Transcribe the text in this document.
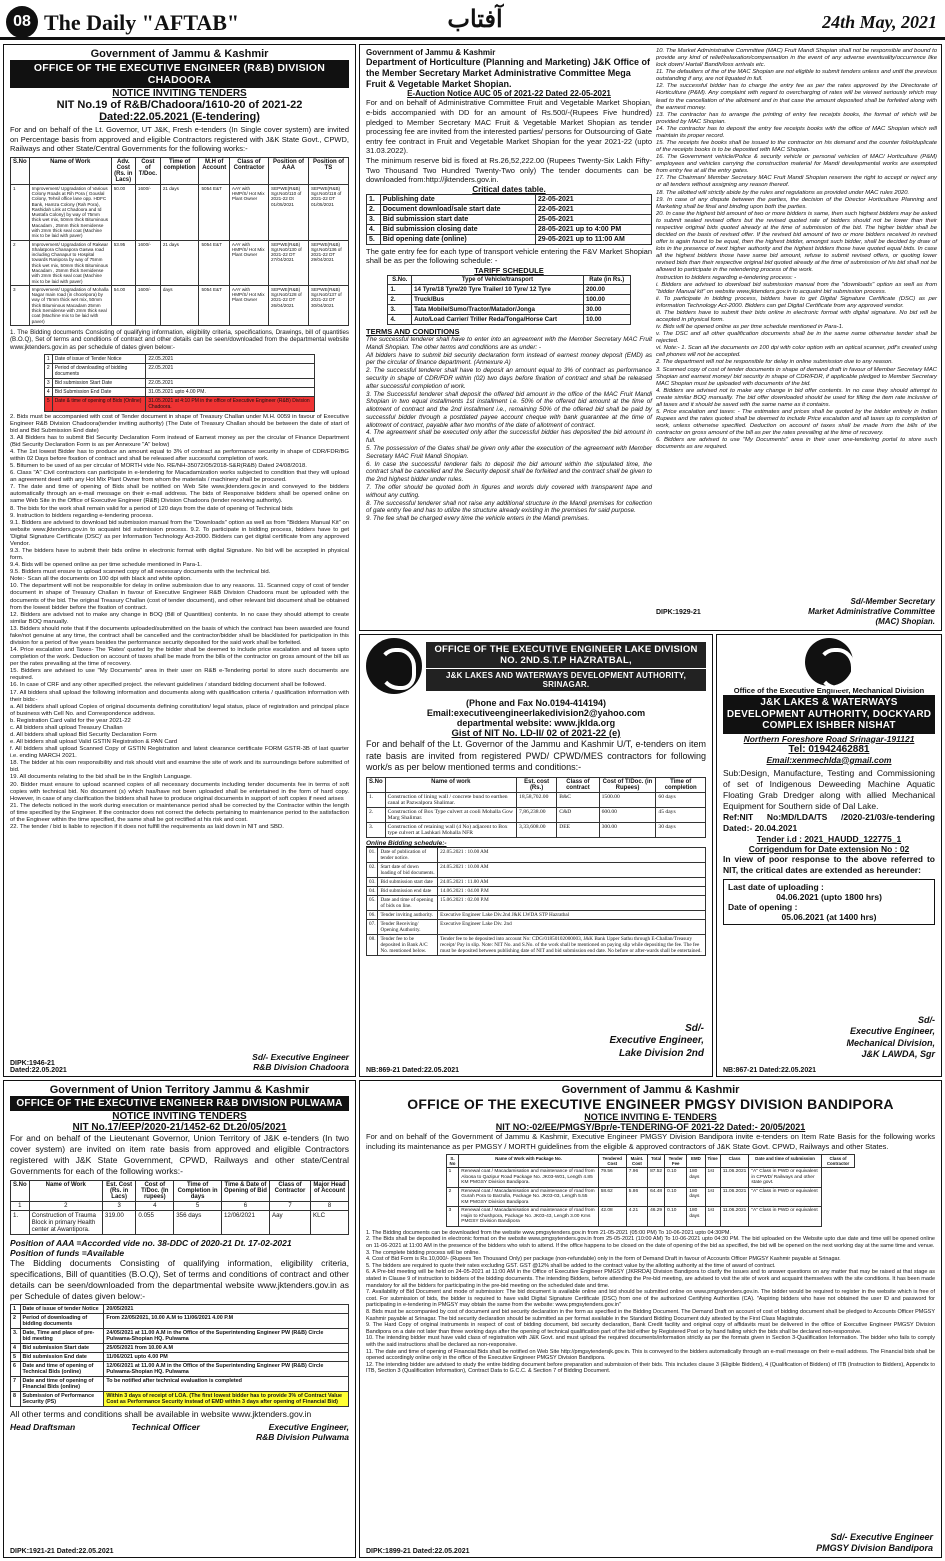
08 The Daily "AFTAB"	آفتاب	24th May, 2021
Government of Jammu & Kashmir
OFFICE OF THE EXECUTIVE ENGINEER (R&B) DIVISION CHADOORA
NOTICE INVITING TENDERS
NIT No.19 of R&B/Chadoora/1610-20 of 2021-22
Dated:22.05.2021 (E-tendering)

For and on behalf of the Lt. Governor, UT J&K, Fresh e-tenders (In Single cover system) are invited on Percentage basis from approved and eligible Contractors registered with J&K State Govt., CPWD, Railways and other State/Central Governments for the following works:-

S.No	Name of Work	Adv. Cost (Rs. in Lacs)	Cost of T/Doc.	Time of completion	M.H of Account	Class of Contractor	Position of AAA	Position of TS
1	Improvement/ Upgradation of Various Colony Roads at Rih Pora ( Gouslal Colony, Tehsil office lane opp. HDFC Bank, Hamza Colony (Rah Pora), Rashidah Link at Chadoora and Id Mustafa Colony) by way of 75mm thick wet mix, 50mm thick Bituminous Macadam , 25mm thick Semidense with 2mm thick seal coat (Machine mix to be laid with paver)	50.00	1600/-	21 days	5054 E&T	AAY with HMP/S/ Hot Mix Plant Owner	SEPWE(R&B) Sgr.No0/110 of 2021-22 Dt 01/05/2021	SEPWE(R&B) Sgr.No0/118 of 2021-22 DT 01/05/2021
2	Improvement/ Upgradation of Rakwar Shalatpora Chanapora Gaswa road including Chanapur to Hospital towards Ranipora by way of 75mm thick wet mix, 50mm thick Bituminous Macadam , 25mm thick Semidense with 2mm thick seal coat (Machine mix to be laid with paver)	53.95	1600/-	21 days	5054 E&T	AAY with HMP/S/ Hot Mix Plant Owner	SEPWE(R&B) Sgr.No0/130 of 2021-22 DT 27/04/2021	SEPWE(R&B) Sgr.No0/136 of 2021-22 DT 29/04/2021
3	Improvement/ Upgradation of Mohalla Nagar main road (in chooripora) by way of 75mm thick wet mix, 50mm thick Bituminous Macadam 25mm thick Semidense with 2mm thick seal coat (Machine mix to be laid with paver)	54.00	1600/-	days	5054 E&T	AAY with HMP/S/ Hot Mix Plant Owner	SEPWE(R&B) Sgr.No0/128 of 2021-22 DT 26/04/2021	SEPWE(R&B) Sgr.No0/137 of 2021-22 DT 30/04/2021

1. The Bidding documents Consisting of qualifying information, eligibility criteria, specifications, Drawings, bill of quantities (B.O.Q), Set of terms and conditions of contract and other details can be seen/downloaded from the departmental website www.jktenders.gov.in as per schedule of dates given below:-

1	Date of issue of Tender Notice	22.05.2021
2	Period of downloading of bidding documents	22.05.2021
3	Bid submission Start Date	22.05.2021
4	Bid Submission End Date	31.05.2021 upto 4.00 PM.
5	Date & time of opening of Bids (Online)	31.05.2021 at 4:10 PM in the office of Executive Engineer (R&B) Division Chadoora.

2. Bids must be accompanied with cost of Tender document in shape of Treasury Challan under M.H. 0059 in favour of Executive Engineer R&B Division Chadoora(tender inviting authority) (The Date of Treasury Challan should be between the date of start of bid and Bid Submission End date)

3. All Bidders has to submit Bid Security Declaration Form instead of Earnest money as per the circular of Finance Department (Bid Security Declaration Form is as per Annexure "A" below)

4. The 1st lowest Bidder has to produce an amount equal to 3% of contract as performance security in shape of CDR/FDR/BG within 02 Days before fixation of contract and shall be released after successful completion of work.

5. Bitumen to be used of as per circular of MORTH vide No. RE/NH-35072/05/2018-S&R(R&B) Dated 24/08/2018.

6. Class "A" Civil contractors can participate in e-tendering for Macadamization works subjected to condition that they will upload an agreement deed with any Hot Mix Plant Owner from whom the materials / machinery shall be procured.

7. The date and time of opening of Bids shall be notified on Web Site www.jktenders.gov.in and conveyed to the bidders automatically through an e-mail message on their e-mail address. The bids of Responsive bidders shall be opened online on same Web Site in the Office of Executive Engineer (R&B) Division Chadoora (tender receiving authority).

8. The bids for the work shall remain valid for a period of 120 days from the date of opening of Technical bids

9. Instruction to bidders regarding e-tendering process.

9.1. Bidders are advised to download bid submission manual from the "Downloads" option as well as from "Bidders Manual Kit" on website www.jktenders.gov.in to acquaint bid submission process. 9.2. To participate in bidding process, bidders have to get 'Digital Signature Certificate (DSC)' as per Information Technology Act-2000. Bidders can get digital certificate from any approved Vendor.

9.3. The bidders have to submit their bids online in electronic format with digital Signature. No bid will be accepted in physical form.

9.4. Bids will be opened online as per time schedule mentioned in Para-1.

9.5. Bidders must ensure to upload scanned copy of all necessary documents with the technical bid.

Note:- Scan all the documents on 100 dpi with black and white option.

10. The department will not be responsible for delay in online submission due to any reasons. 11. Scanned copy of cost of tender document in shape of Treasury Challan in favour of Executive Engineer R&B Division Chadoora must be uploaded with the documents of the bid. The original Treasury Challan (cost of tender document), and other relevant bid document shall be obtained from the lowest bidder before the fixation of contract.

12. Bidders are advised not to make any change in BOQ (Bill of Quantities) contents. In no case they should attempt to create similar BOQ manually.

13. Bidders should note that if the documents uploaded/submitted on the basis of which the contract has been awarded are found fake/not genuine at any time, the contract shall be cancelled and the contractor/bidder shall be blacklisted for participation in this division for a period of five years besides the performance security deposited for the said work shall be forfeited.

14. Price escalation and Taxes- The 'Rates' quoted by the bidder shall be deemed to include price escalation and all taxes upto completion of the work. Deduction on account of taxes shall be made from the bills of the contractor on gross amount of the bill as per the rates prevailing at the time of recovery.

15. Bidders are advised to use "My Documents" area in their user on R&B e-Tendering portal to store such documents are required.

16. In case of CRF and any other specified project. the relevant guidelines / standard bidding document shall be followed.

17. All bidders shall upload the following information and documents along with qualification criteria / qualification information with their bids:-

a. All bidders shall upload Copies of original documents defining constitution/ legal status, place of registration and principal place of business with Cell No. and Correspondence address.

b. Registration Card valid for the year 2021-22

c. All bidders shall upload Treasury Challan

d. All bidders shall upload Bid Security Declaration Form

e. All bidders shall upload Valid GSTIN Registration & PAN Card

f. All bidders shall upload Scanned Copy of GSTIN Registration and latest clearance certificate FORM GSTR-3B of last quarter i.e. ending MARCH 2021.

18. The bidder at his own responsibility and risk should visit and examine the site of work and its surroundings before submitted of bid.

19. All documents relating to the bid shall be in the English Language.

20. Bidder must ensure to upload scanned copies of all necessary documents including tender documents fee in terms of soft copies with technical bid. No document (s) which has/have not been uploaded shall be entertained in the form of hard copy. However, in case of any clarification the bidders shall have to produce original documents in support of soft copies if need arises

21. The defects noticed in the work during execution or maintenance period shall be corrected by the Contractor within the length of time specified by the Engineer. If the contractor does not correct the defects pertaining to maintenance period to the satisfaction of the Engineer within the time specified, the same shall be got rectified at his risk and cost.

22. The tender / bid is liable to rejection if it does not fulfill the requirements as laid down in NIT and SBD.

Sd/- Executive Engineer
R&B Division Chadoora
DIPK:1946-21
Dated:22.05.2021
Government of Jammu & Kashmir
Department of Horticulture (Planning and Marketing) J&K Office of the Member Secretary Market Administrative Committee Mega Fruit & Vegetable Market Shopian.
E-Auction Notice AUC 05 of 2021-22 Dated 22-05-2021

For and on behalf of Administrative Committee Fruit and Vegetable Market Shopian, e-bids accompanied with DD for an amount of Rs.500/-(Rupees Five hundred) pledged to Member Secretary MAC Fruit & Vegetable Market Shopian as tender processing fee are invited from the interested parties/ persons for Outsourcing of Gate entry fee contract in Fruit and Vegetable Market Shopian for the year 2021-22 (upto 31.03.2022).

The minimum reserve bid is fixed at Rs.26,52,222.00 (Rupees Twenty-Six Lakh Fifty-Two Thousand Two Hundred Twenty-Two only) The tender documents can be downloaded from:http://jktenders.gov.in.

Critical dates table.
1.	Publishing date	22-05-2021
2.	Document download/sale start date	22-05-2021
3.	Bid submission start date	25-05-2021
4.	Bid submission closing date	28-05-2021 up to 4:00 PM
5.	Bid opening date (online)	29-05-2021 up to 11:00 AM

The gate entry fee for each type of transport vehicle entering the F&V Market Shopian shall be as per the following schedule: -

TARIFF SCHEDULE
S.No.	Type of Vehicle/transport	Rate (in Rs.)
1.	14 Tyre/18 Tyre/20 Tyre Trailer/ 10 Tyre/ 12 Tyre	200.00
2.	Truck/Bus	100.00
3.	Tata Mobile/Sumo/Tractor/Matador/Jonga	30.00
4.	Auto/Load Carrier/ Triller Reda/Tonga/Horse Cart	10.00
TERMS AND CONDITIONS

The successful tenderer shall have to enter into an agreement with the Member Secretary MAC Fruit Mandi Shopian. The other terms and conditions are as under: -

All bidders have to submit bid security declaration form instead of earnest money deposit (EMD) as per the circular of finance department. (Annexure A)

2. The successful tenderer shall have to deposit an amount equal to 3% of contract as performance security in shape of CDR/FDR within (02) two days before fixation of contract and shall be released after successful completion of work.

3. The Successful tenderer shall deposit the offered bid amount in the office of the MAC Fruit Mandi Shopian in two equal installments 1st installment i.e. 50% of the offered bid amount at the time of allotment of contract and the 2nd installment i.e., remaining 50% of the offered bid shall be paid by successful bidder through a postdated payee account cheque with bank guarantee at the time of allotment of contract, payable after two months of the date of allotment of contract.

4. The agreement shall be executed only after the successful bidder has deposited the bid amount in full.

5. The possession of the Gates shall be given only after the execution of the agreement with Member Secretary MAC Fruit Mandi Shopian.

6. In case the successful tenderer fails to deposit the bid amount within the stipulated time, the contract shall be cancelled and the Security deposit shall be forfeited and the contract shall be given to the 2nd highest bidder under rules.

7. The offer should be quoted both in figures and words duly covered with transparent tape and without any cutting.

8. The successful tenderer shall not raise any additional structure in the Mandi premises for collection of gate entry fee and has to utilize the structure already existing in the premises for said purpose.

9. The fee shall be charged every time the vehicle enters in the Mandi premises.

10. The Market Administrative Committee (MAC) Fruit Mandi Shopian shall not be responsible and bound to provide any kind of relief/relaxation/compensation in the event of any adverse eventuality/occurrence like lock down/ Hartal/ Bandh/loss arrivals etc.

11. The defaulters of the of the MAC Shopian are not eligible to submit tenders unless and until the previous outstanding if any, are not liquated in full.

12. The successful bidder has to charge the entry fee as per the rates approved by the Directorate of Horticulture (P&M). Any complaint with regard to overcharging of rates will be viewed seriously which may lead to the cancellation of the allotment and in that case the amount deposited shall be forfeited along with the earnest money.

13. The contractor has to arrange the printing of entry fee receipts books, the format of which will be provided by MAC Shopian.

14. The contractor has to deposit the entry fee receipts books with the office of MAC Shopian which will maintain its proper record.

15. The receipts fee books shall be issued to the contractor on his demand and the counter folio/duplicate of the receipts books is to be deposited with MAC Shopian.

16. The Government vehicle/Police & security vehicle or personal vehicles of MAC/ Horticulture (P&M) employees and vehicles carrying the construction material for Mandi developmental works are exempted from entry fee at all the entry gates.

17. The Chairman/ Member Secretary MAC Fruit Mandi Shopian reserves the right to accept or reject any or all tenders without assigning any reason thereof.

18. The allotted will strictly abide by the rules and regulations as provided under MAC rules 2020.

19. In case of any dispute between the parties, the decision of the Director Horticulture Planning and Marketing shall be final and binding upon both the parties.

20. In case the highest bid amount of two or more bidders is same, then such highest bidders may be asked to submit sealed revised offers but the revised quoted rate of bidders should not be lower than their respective original bids quoted already at the time of submission of the bid. The higher bidder shall be decided on the basis of revised offer. If the revised bid amount of two or more bidders received in revised offer is again found to be equal, then the highest bidder, amongst such bidder, shall be decided by draw of lots in the presence of next higher authority and the highest bidders those have quoted equal bids. In case all the highest bidders those have same bid amount, refuse to submit revised offers, or quoting lower revised bids than their respective original bid quoted already at the time of submission of his bid shall not be allowed to participate in the retendering process of the work.

Instruction to bidders regarding e-tendering process: -

i. Bidders are advised to download bid submission manual from the "downloads" option as well as from "bidder Manual kit" on website www.jktenders.gov.in to acquaint bid submission process.

ii. To participate in bidding process, bidders have to get Digital Signature Certificate (DSC) as per information Technology Act-2000. Bidders can get Digital Certificate from any approved vendor.

iii. The bidders have to submit their bids online in electronic format with digital signature. No bid will be accepted in physical form.

iv. Bids will be opened online as per time schedule mentioned in Para-1.

v. The DSC and all other qualification documents shall be in the same name otherwise tender shall be rejected.

vi. Note:- 1. Scan all the documents on 100 dpi with color option with an optical scanner, pdf's created using cell phones will not be accepted.

2. The department will not be responsible for delay in online submission due to any reason.

3. Scanned copy of cost of tender documents in shape of demand draft in favour of Member Secretary MAC Shopian and earnest money/ bid security in shape of CDR/FDR, if applicable pledged to Member Secretary MAC Shopian must be uploaded with documents of the bid.

4. Bidders are advised not to make any change in bid offer contents. In no case they should attempt to create similar BOQ manually. The bid offer downloaded should be used for filling the item rate inclusive of all taxes and it should be saved with the same name as it contains.

5. Price escalation and taxes: - The estimates and prices shall be quoted by the bidder entirely in Indian Rupees and the rates quoted shall be deemed to include Price escalation and all taxes up to completion of work, unless otherwise specified. Deduction on account of taxes shall be made from the bills of the contractor on gross amount of the bill as per the rates prevailing at the time of recovery.

6. Bidders are advised to use "My Documents" area in their user one-tendering portal to store such documents as are required.

DIPK:1929-21
Sd/-Member Secretary
Market Administrative Committee
(MAC) Shopian.
OFFICE OF THE EXECUTIVE ENGINEER LAKE DIVISION NO. 2ND.S.T.P HAZRATBAL,
J&K LAKES AND WATERWAYS DEVELOPMENT AUTHORITY, SRINAGAR.
(Phone and Fax No.0194-414194)
Email:executiveengineerlakedivision2@yahoo.com
departmental website: www.jklda.org
Gist of NIT No. LD-II/ 02 of 2021-22 (e)

For and behalf of the Lt. Governor of the Jammu and Kashmir U/T, e-tenders on item rate basis are invited from registered PWD/ CPWD/MES contractors for following work/s as per below mentioned terms and conditions:-

S.No	Name of work	Est. cost (Rs.)	Class of contract	Cost of T/Doc. (in Rupees)	Time of completion
1.	Construction of lining wall / concrete bund to earthen canal at Pazwalpora Shalimar.	18,58,702.00	B&C	1500.00	60 days
2.	Construction of Box Type culvert at cooli Mohalla Gow Marg Shalimar.	7,86,238.00	C&D	600.00	45 days
3.	Construction of retaining wall (4 No) adjacent to Box type culvert at Lashkari Mohalla NFR	3,33,608.00	DEE	300.00	30 days
Online Bidding schedule:-
01.	Date of publication of tender notice.	22.05.2021 : 10.00 AM
02.	Start date of down loading of bid documents.	24.05.2021 : 10.00 AM
03.	Bid submission start date	24.05.2021 : 11.00 AM
04.	Bid submission end date	14.06.2021 : 04.00 P.M
05.	Date and time of opening of bids on line.	15.06.2021 : 02.00 P.M
06.	Tender inviting authority.	Executive Engineer Lake Div.2nd J&K LWDA STP Hazratbal
07.	Tender Receiving/ Opening Authority.	Executive Engineer Lake Div. 2nd
08.	Tender fee to be deposited in Bank A/C No. mentioned below.	Tender fee to be deposited into account No: CDG/01850102000003, J&K Bank Upper Sathu through E-Challan/Treasury receipt/ Pay in slip. Note: NIT No. and S.No. of the work shall be mentioned on paying slip while depositing the fee. The fee must be deposited between publishing date of NIT and bid submission end date. No before or after-wards shall be entertained.
Sd/-
Executive Engineer,
Lake Division 2nd
NB:869-21 Dated:22.05.2021
Office of the Executive Engineer, Mechanical Division
J&K LAKES & WATERWAYS DEVELOPMENT AUTHORITY, DOCKYARD COMPLEX ISHBER NISHAT
Northern Foreshore Road Srinagar-191121
Tel: 01942462881
Email:xenmechlda@gmail.com

Sub:Design, Manufacture, Testing and Commissioning of set of Indigenous Deweeding Machine Aquatic Floating Grab Dredger along with allied Mechanical Equipment for Southern side of Dal Lake.

Ref:NIT No:MD/LDA/TS /2020-21/03/e-tendering Dated:- 20.04.2021

Tender i.d : 2021_HAUDD_122775_1
Corrigendum for Date extension No : 02

In view of poor response to the above referred to NIT, the critical dates are extended as hereunder:

Last date of uploading :
04.06.2021 (upto 1800 hrs)
Date of opening :
05.06.2021 (at 1400 hrs)
Sd/-
Executive Engineer,
Mechanical Division,
J&K LAWDA, Sgr
NB:867-21 Dated:22.05.2021
Government of Union Territory Jammu & Kashmir
OFFICE OF THE EXECUTIVE ENGINEER R&B DIVISION PULWAMA
NOTICE INVITING TENDERS
NIT No.17/EEP/2020-21/1452-62 Dt.20/05/2021

For and on behalf of the Lieutenant Governor, Union Territory of J&K e-tenders (In two cover system) are invited on item rate basis from approved and eligible Contractors registered with J&K State Government, CPWD, Railways and other state/Central Governments for each of the following works:-

S.No	Name of Work	Est. Cost (Rs. in Lacs)	Cost of T/Doc. (In rupees)	Time of Completion in days	Time & Date of Opening of Bid	Class of Contractor	Major Head of Account
1	2	3	4	5	6	7	8
1.	Construction of Trauma Block in primary Health center at Awantipora.	319.00	0.055	356 days	12/06/2021	Aay	KLC
Position of AAA =Accorded vide no. 38-DDC of 2020-21 Dt. 17-02-2021
Position of funds =Available

The Bidding documents Consisting of qualifying information, eligibility criteria, specifications, Bill of quantities (B.O.Q), Set of terms and conditions of contract and other details can be seen/downloaded from the departmental website www.jktenders.gov.in as per Schedule of dates given below:-

1	Date of issue of tender Notice	20/05/2021
2	Period of downloading of bidding documents	From 22/05/2021, 10.00 A.M to 11/06/2021 4.00 P.M
3.	Date, Time and place of pre-bid meeting	24/05/2021 at 11.00 A.M in the Office of the Superintending Engineer PW (R&B) Circle Pulwama-Shopian HQ. Pulwama
4	Bid submission Start date	25/05/2021 from 10.00 A.M
5	Bid submission End date	11/06/2021 upto 4.00 PM
6	Date and time of opening of Technical Bids (online)	12/06/2021 at 11.00 A.M in the Office of the Superintending Engineer PW (R&B) Circle Pulwama-Shopian HQ. Pulwama
7	Date and time of opening of Financial Bids (online)	To be notified after technical evaluation is completed
8	Submission of Performance Security (PS)	Within 3 days of receipt of LOA. (The first lowest bidder has to provide 3% of Contract Value Cost as Performance Security instead of EMD within 3 days after opening of Financial Bid)

All other terms and conditions shall be available in website www.jktenders.gov.in

Head Draftsman	Technical Officer	Executive Engineer,
R&B Division Pulwama
DIPK:1921-21 Dated:22.05.2021
Government of Jammu & Kashmir
OFFICE OF THE EXECUTIVE ENGINEER PMGSY DIVISION BANDIPORA
NOTICE INVITING E- TENDERS
NIT NO:-02/EE/PMGSY/Bpr/e-TENDERING-OF 2021-22 Dated:- 20/05/2021

For and on behalf of the Government of Jammu & Kashmir, Executive Engineer PMGSY Division Bandipora invite e-tenders on Item Rate Basis for the following works including its maintenance as per PMGSY / MORTH guidelines from the eligible & approved contractors of J&K State Govt. CPWD, Railways and other States.

S. No	Name of Work with Package No.	Tendered Cost	Maint. Cost	Total	Tender Fee	EMD	Time	Class	Date and time of submission	Class of Contractor
1	Renewal coat / Macadamisation and maintenance of road from Aloosa to Qazipur Road Package No. JK03-W01, Length 4.85 KM PMGSY Division Bandipora.	79.56	7.96	87.52	0.10	180 days	1st	11.06.2021	"A" Class in PWD or equivalent in CPWD/ Railways and other state govt.	
2	Renewal coat / Macadamisation and maintenance of road from Gurah Pora to Barzulla, Package No. JK03-03, Length 5.55 KM PMGSY Division Bandipora	58.62	5.86	64.48	0.10	180 days	1st	11.06.2021	"A" Class in PWD or equivalent	
3	Renewal coat / Macadamisation and maintenance of road from Hajin to Khushpora, Package No. JK03-43, Length 3.00 Kms PMGSY Division Bandipora	42.08	4.21	46.29	0.10	180 days	1st	11.06.2021	"A" Class in PWD or equivalent	

1. The Bidding documents can be downloaded from the website www.pmgsytenders.gov.in from 21-05-2021 (05:00 PM) To 10-06-2021 upto 04:30PM.

2. The Bids shall be deposited in electronic format on the website www.pmgsytenders.gov.in from 25-05-2021 (10:00 AM) To 10-06-2021 upto 04:30 PM. The bid uploaded on the Website upto due date and time will be opened online on 11-06-2021 at 11:00 AM in the presence of the bidders who wish to attend. If the office happens to be closed on the date of opening of the bid as specified, the bid will be opened on the next working day at the same time and venue.

3. The complete bidding process will be online.

4. Cost of Bid Form is Rs.10,000/- (Rupees Ten Thousand Only) per package (non-refundable) only in the form of Demand Draft in favour of Accounts Officer PMGSY Kashmir payable at Srinagar.

5. The bidders are required to quote their rates excluding GST. GST @12% shall be added to the contract value by the allotting authority at the time of award of contract.

6. A Pre-bid meeting will be held on 24-05-2021 at 11:00 AM in the Office of Executive Engineer PMGSY (JKRRDA) Division Bandipora to clarify the issues and to answer questions on any matter that may be raised at that stage as stated in Clause 9 of instruction to bidders of the bidding documents. The intending Bidders, before attending the Pre-bid meeting, are advised to visit the site of work and acquaint themselves with the site conditions. It has been made mandatory for all the bidders for participating in the pre-bid meeting on the scheduled date and time.

7. Availability of Bid Document and mode of submission: The bid document is available online and bid should be submitted online on www.pmgsytenders.gov.in. The bidder would be required to register in the website which is free of cost. For submission of bids, the bidder is required to have valid Digital Signature Certificate (DSC) from one of the authorized Certifying Authorities (CA). "Aspiring bidders who have not obtained the user ID and password for participating in e-tendering in PMGSY may obtain the same from the website: www.pmgsytenders.gov.in"

8. Bids must be accompanied by cost of document and bid security declaration in the form as specified in the Bidding Document. The Demand Draft on account of cost of bidding document shall be pledged to Accounts Officer PMGSY Kashmir payable at Srinagar. The bid security declaration should be submitted as per format available in the Standard Bidding Document duly attested by the First Class Magistrate.

9. The Hard Copy of original instruments in respect of cost of bidding document, bid security declaration, Bank Credit facility and original copy of affidavits must be delivered in the office of Executive Engineer PMGSY Division Bandipora on a date not later than three working days after the opening of technical qualification part of the bid either by Registered Post or by hand failing which the bids shall be declared non-responsive.

10. The intending bidder must have valid class of registration with J&K Govt. and must upload the required documents/information strictly as per the formats given in Section 3-Qualification Information. The bidder who fails to comply with the said instructions shall be declared as non-responsive.

11. The date and time of opening of Financial Bids shall be notified on Web Site http://pmgsytendersjk.gov.in. This is conveyed to the bidders automatically through an e-mail message on their e-mail address. The Financial bids shall be opened accordingly online only in the office of the Executive Engineer PMGSY Division Bandipora.

12. The intending bidder are advised to study the entire bidding document before preparation and submission of their bids. This includes clause 3 (Eligible Bidders), 4 (Qualification of Bidders) of ITB (Instruction to Bidders), Appendix to ITB, Section 3 (Qualification Information), Contract Data to G.C.C. & Section 7 of Bidding Document.

Sd/- Executive Engineer
PMGSY Division Bandipora
DIPK:1899-21 Dated:22.05.2021
